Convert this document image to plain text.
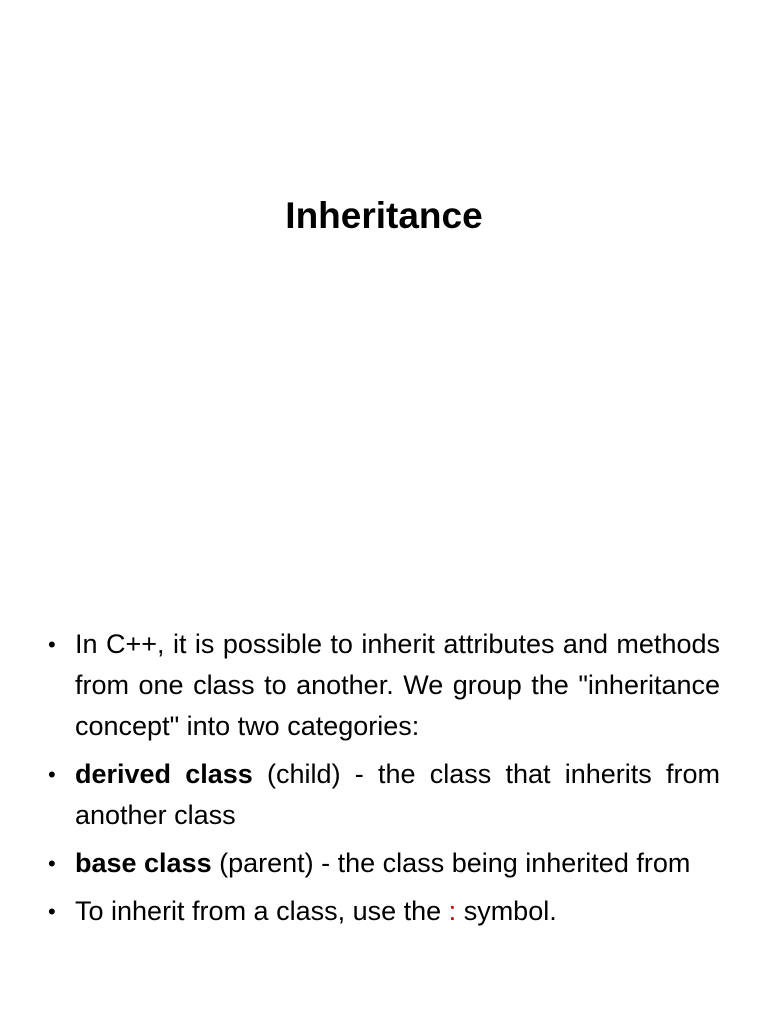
Inheritance
• In C++, it is possible to inherit attributes and methods from one class to another. We group the "inheritance concept" into two categories:
• derived class (child) - the class that inherits from another class
• base class (parent) - the class being inherited from
• To inherit from a class, use the : symbol.
